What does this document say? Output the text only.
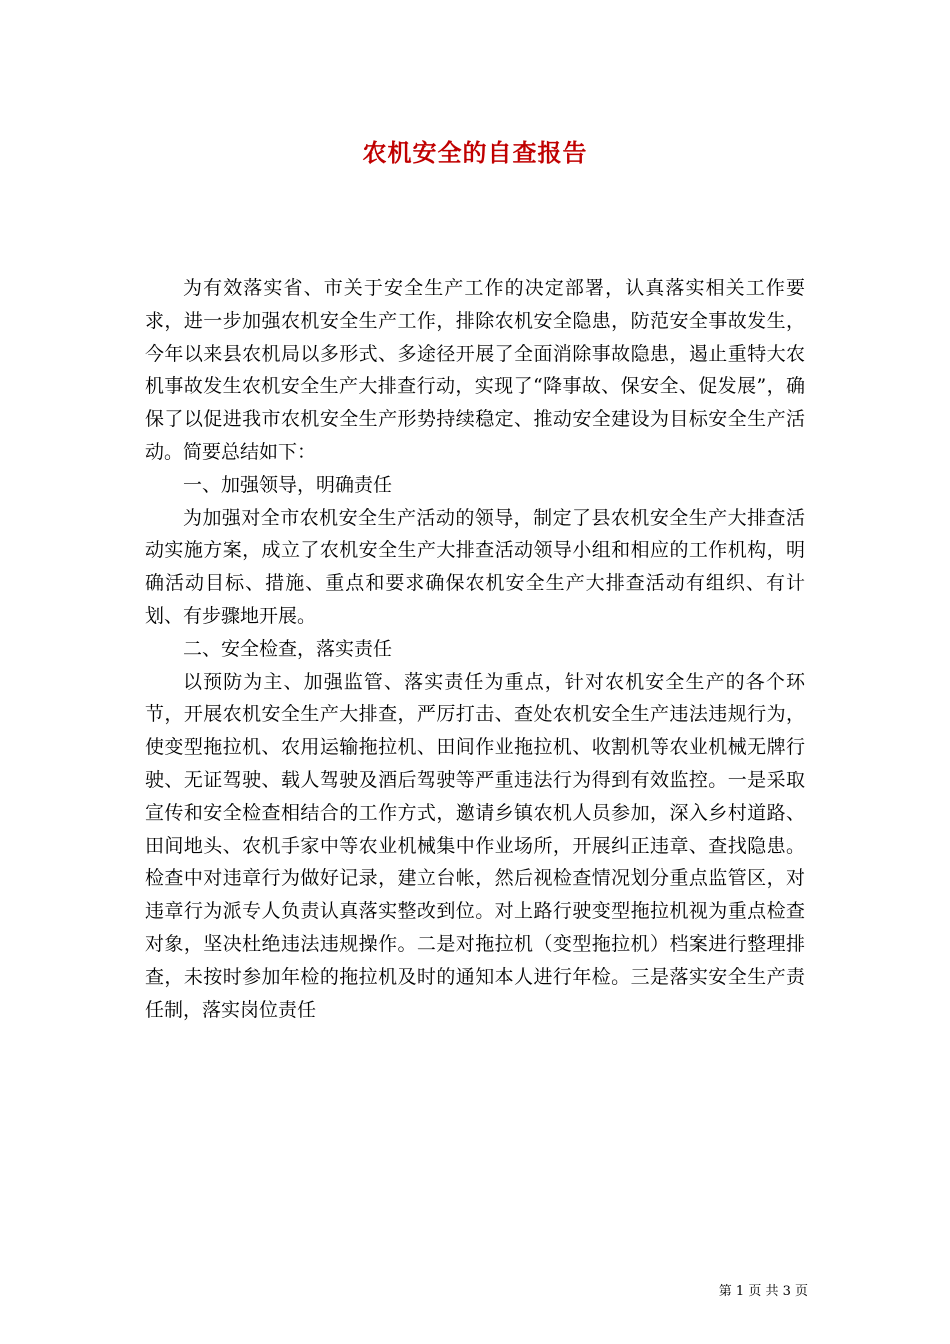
农机安全的自查报告

为有效落实省、市关于安全生产工作的决定部署，认真落实相关工作要求，进一步加强农机安全生产工作，排除农机安全隐患，防范安全事故发生，今年以来县农机局以多形式、多途径开展了全面消除事故隐患，遏止重特大农机事故发生农机安全生产大排查行动，实现了“降事故、保安全、促发展”，确保了以促进我市农机安全生产形势持续稳定、推动安全建设为目标安全生产活动。简要总结如下：

一、加强领导，明确责任

为加强对全市农机安全生产活动的领导，制定了县农机安全生产大排查活动实施方案，成立了农机安全生产大排查活动领导小组和相应的工作机构，明确活动目标、措施、重点和要求确保农机安全生产大排查活动有组织、有计划、有步骤地开展。

二、安全检查，落实责任

以预防为主、加强监管、落实责任为重点，针对农机安全生产的各个环节，开展农机安全生产大排查，严厉打击、查处农机安全生产违法违规行为，使变型拖拉机、农用运输拖拉机、田间作业拖拉机、收割机等农业机械无牌行驶、无证驾驶、载人驾驶及酒后驾驶等严重违法行为得到有效监控。一是采取宣传和安全检查相结合的工作方式，邀请乡镇农机人员参加，深入乡村道路、田间地头、农机手家中等农业机械集中作业场所，开展纠正违章、查找隐患。检查中对违章行为做好记录，建立台帐，然后视检查情况划分重点监管区，对违章行为派专人负责认真落实整改到位。对上路行驶变型拖拉机视为重点检查对象，坚决杜绝违法违规操作。二是对拖拉机（变型拖拉机）档案进行整理排查，未按时参加年检的拖拉机及时的通知本人进行年检。三是落实安全生产责任制，落实岗位责任

第 1 页 共 3 页
